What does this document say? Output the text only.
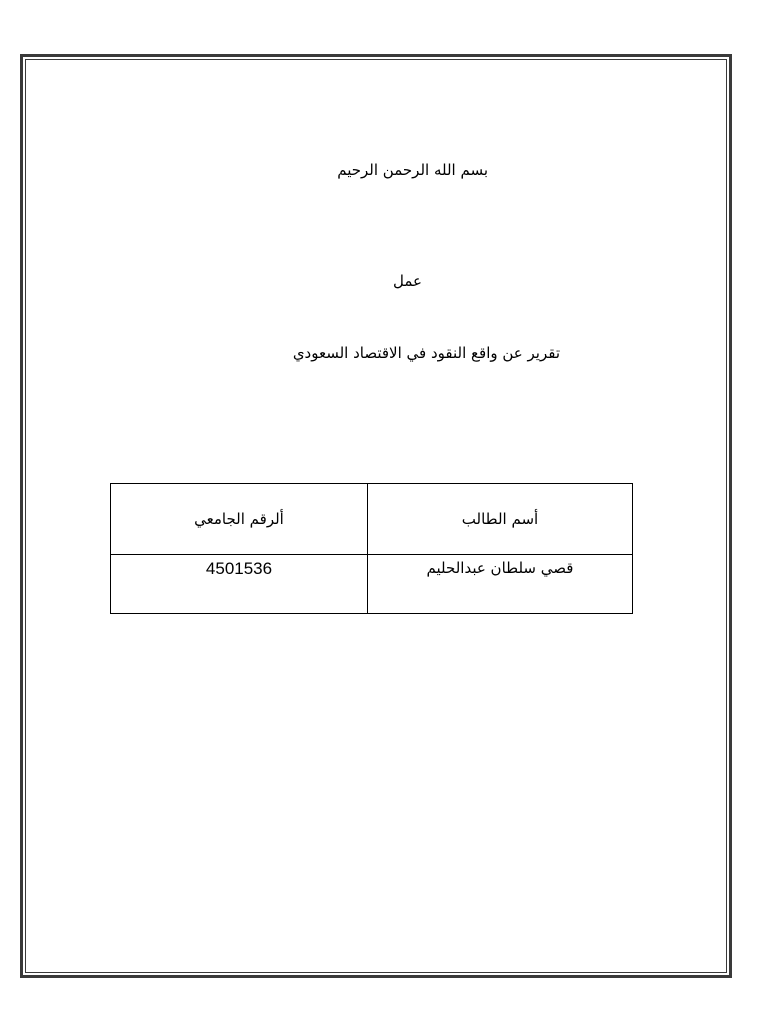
بسم الله الرحمن الرحيم
عمل
تقرير عن واقع النقود في الاقتصاد السعودي
ألرقم الجامعي	أسم الطالب
4501536	قصي سلطان عبدالحليم
